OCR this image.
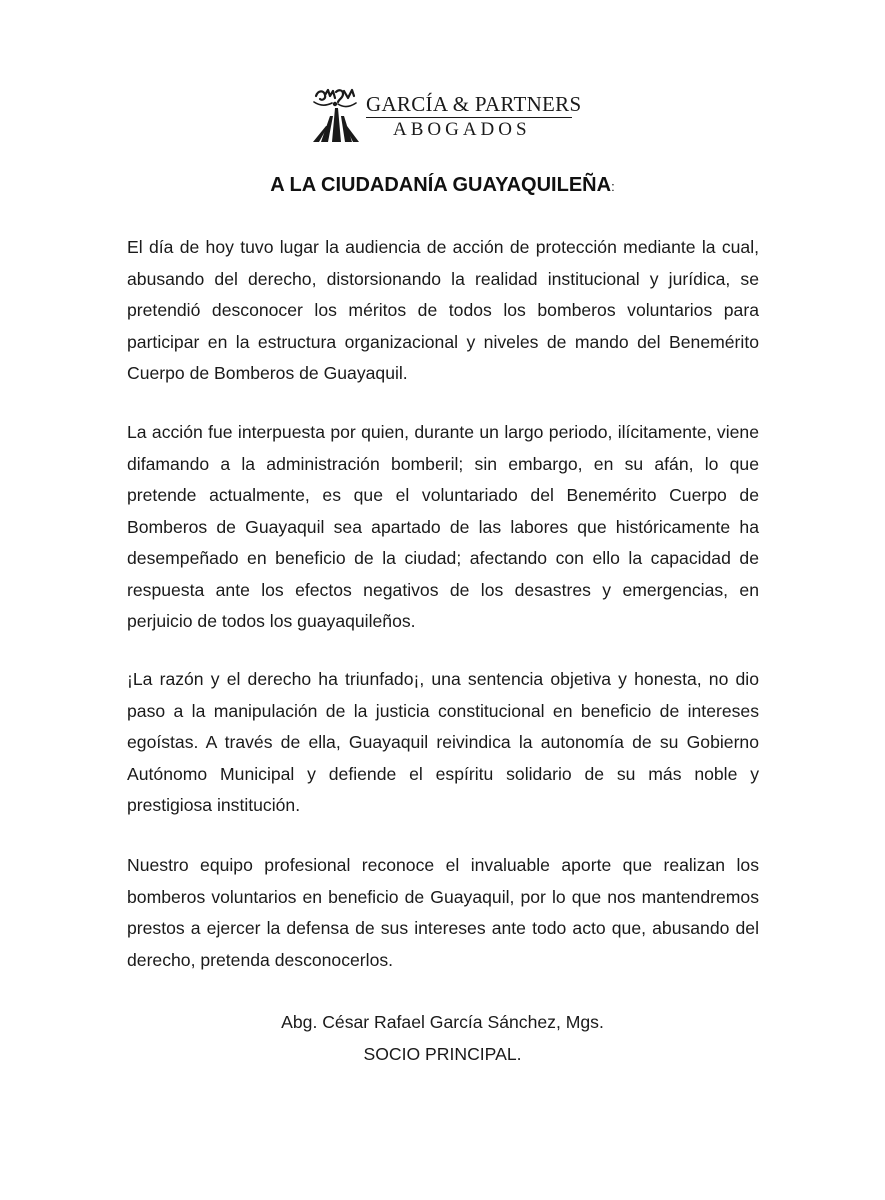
GARCÍA & PARTNERS
ABOGADOS
A LA CIUDADANÍA GUAYAQUILEÑA:
El día de hoy tuvo lugar la audiencia de acción de protección mediante la cual, abusando del derecho, distorsionando la realidad institucional y jurídica, se pretendió desconocer los méritos de todos los bomberos voluntarios para participar en la estructura organizacional y niveles de mando del Benemérito Cuerpo de Bomberos de Guayaquil.
La acción fue interpuesta por quien, durante un largo periodo, ilícitamente, viene difamando a la administración bomberil; sin embargo, en su afán, lo que pretende actualmente, es que el voluntariado del Benemérito Cuerpo de Bomberos de Guayaquil sea apartado de las labores que históricamente ha desempeñado en beneficio de la ciudad; afectando con ello la capacidad de respuesta ante los efectos negativos de los desastres y emergencias, en perjuicio de todos los guayaquileños.
¡La razón y el derecho ha triunfado¡, una sentencia objetiva y honesta, no dio paso a la manipulación de la justicia constitucional en beneficio de intereses egoístas. A través de ella, Guayaquil reivindica la autonomía de su Gobierno Autónomo Municipal y defiende el espíritu solidario de su más noble y prestigiosa institución.
Nuestro equipo profesional reconoce el invaluable aporte que realizan los bomberos voluntarios en beneficio de Guayaquil, por lo que nos mantendremos prestos a ejercer la defensa de sus intereses ante todo acto que, abusando del derecho, pretenda desconocerlos.
Abg. César Rafael García Sánchez, Mgs.
SOCIO PRINCIPAL.
